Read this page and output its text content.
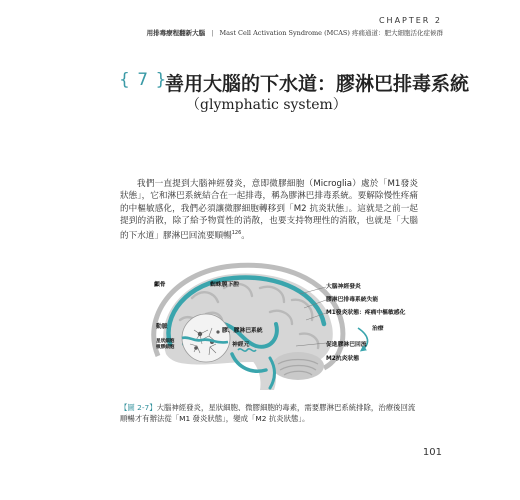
CHAPTER 2
用排毒療程翻新大腦 | Mast Cell Activation Syndrome (MCAS) 疼痛通道：肥大細胞活化症候群
{ 7 }
善用大腦的下水道：膠淋巴排毒系統
（glymphatic system）

我們一直提到大腦神經發炎，意即微膠細胞（Microglia）處於「M1發炎狀態」，它和淋巴系統結合在一起排毒，稱為膠淋巴排毒系統。要解除慢性疼痛的中樞敏感化，我們必須讓微膠細胞轉移到「M2 抗炎狀態」。這就是之前一起提到的消散，除了給予物質性的消散，也要支持物理性的消散，也就是「大腦的下水道」膠淋巴回流要順暢$^{126}$。

顱骨	蜘蛛膜下腔
動脈
星狀細胞
微膠細胞
膠、膠淋巴系統
神經元
大腦神經發炎
膠淋巴排毒系統失能
M1發炎狀態：疼痛中樞敏感化
治療
促進膠淋巴回流
M2抗炎狀態

【圖 2-7】大腦神經發炎，星狀細胞、微膠細胞的毒素，需要膠淋巴系統排除，治療後回流順暢才有辦法從「M1 發炎狀態」，變成「M2 抗炎狀態」。

101
